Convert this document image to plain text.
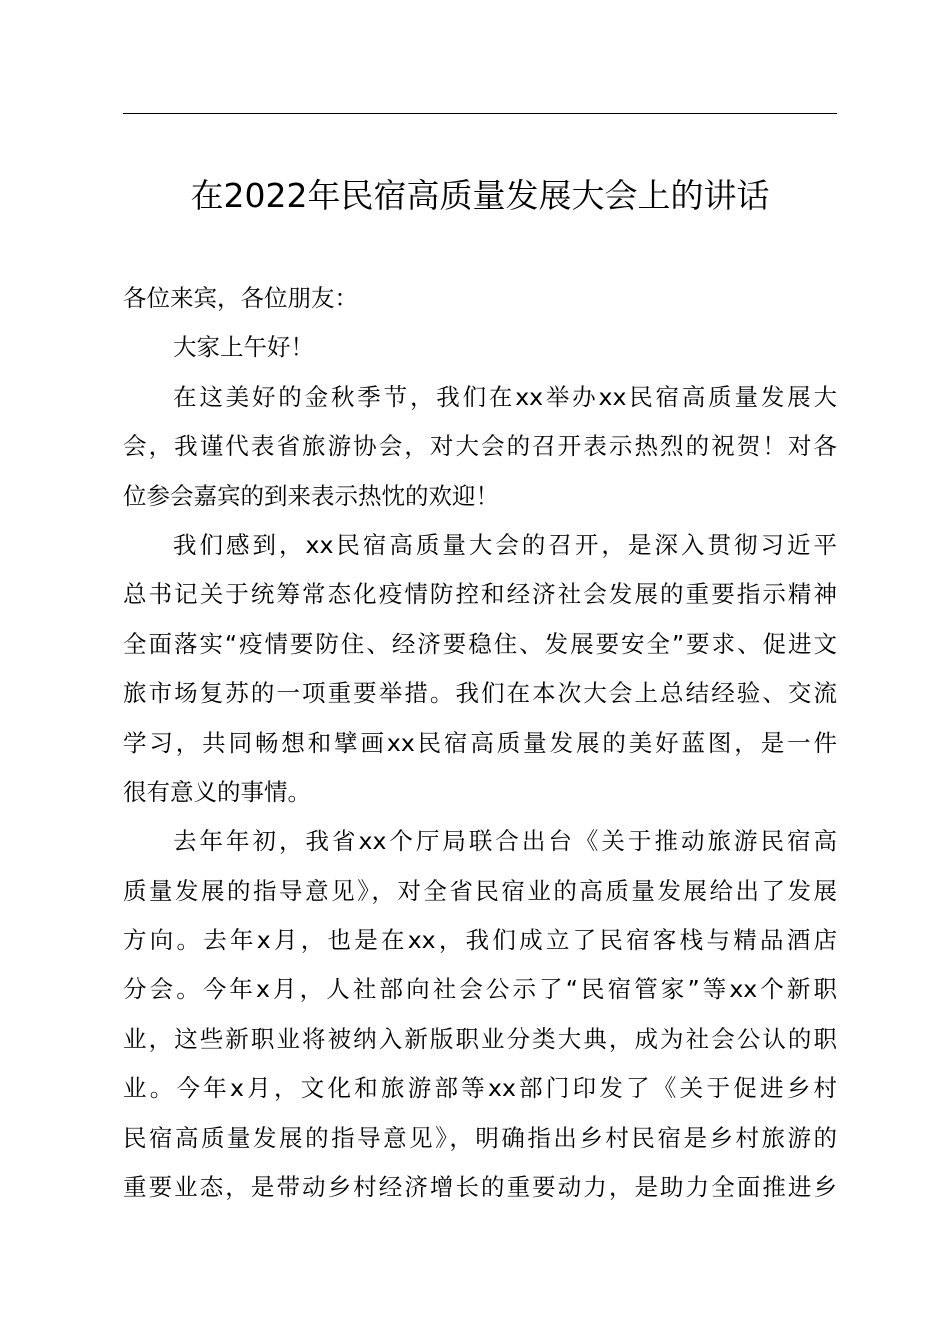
在2022年民宿高质量发展大会上的讲话
各位来宾，各位朋友：
大家上午好！
在这美好的金秋季节，我们在xx举办xx民宿高质量发展大
会，我谨代表省旅游协会，对大会的召开表示热烈的祝贺！对各
位参会嘉宾的到来表示热忱的欢迎！
我们感到，xx民宿高质量大会的召开，是深入贯彻习近平
总书记关于统筹常态化疫情防控和经济社会发展的重要指示精神
全面落实“疫情要防住、经济要稳住、发展要安全”要求、促进文
旅市场复苏的一项重要举措。我们在本次大会上总结经验、交流
学习，共同畅想和擘画xx民宿高质量发展的美好蓝图，是一件
很有意义的事情。
去年年初，我省xx个厅局联合出台《关于推动旅游民宿高
质量发展的指导意见》，对全省民宿业的高质量发展给出了发展
方向。去年x月，也是在xx，我们成立了民宿客栈与精品酒店
分会。今年x月，人社部向社会公示了“民宿管家”等xx个新职
业，这些新职业将被纳入新版职业分类大典，成为社会公认的职
业。今年x月，文化和旅游部等xx部门印发了《关于促进乡村
民宿高质量发展的指导意见》，明确指出乡村民宿是乡村旅游的
重要业态，是带动乡村经济增长的重要动力，是助力全面推进乡
